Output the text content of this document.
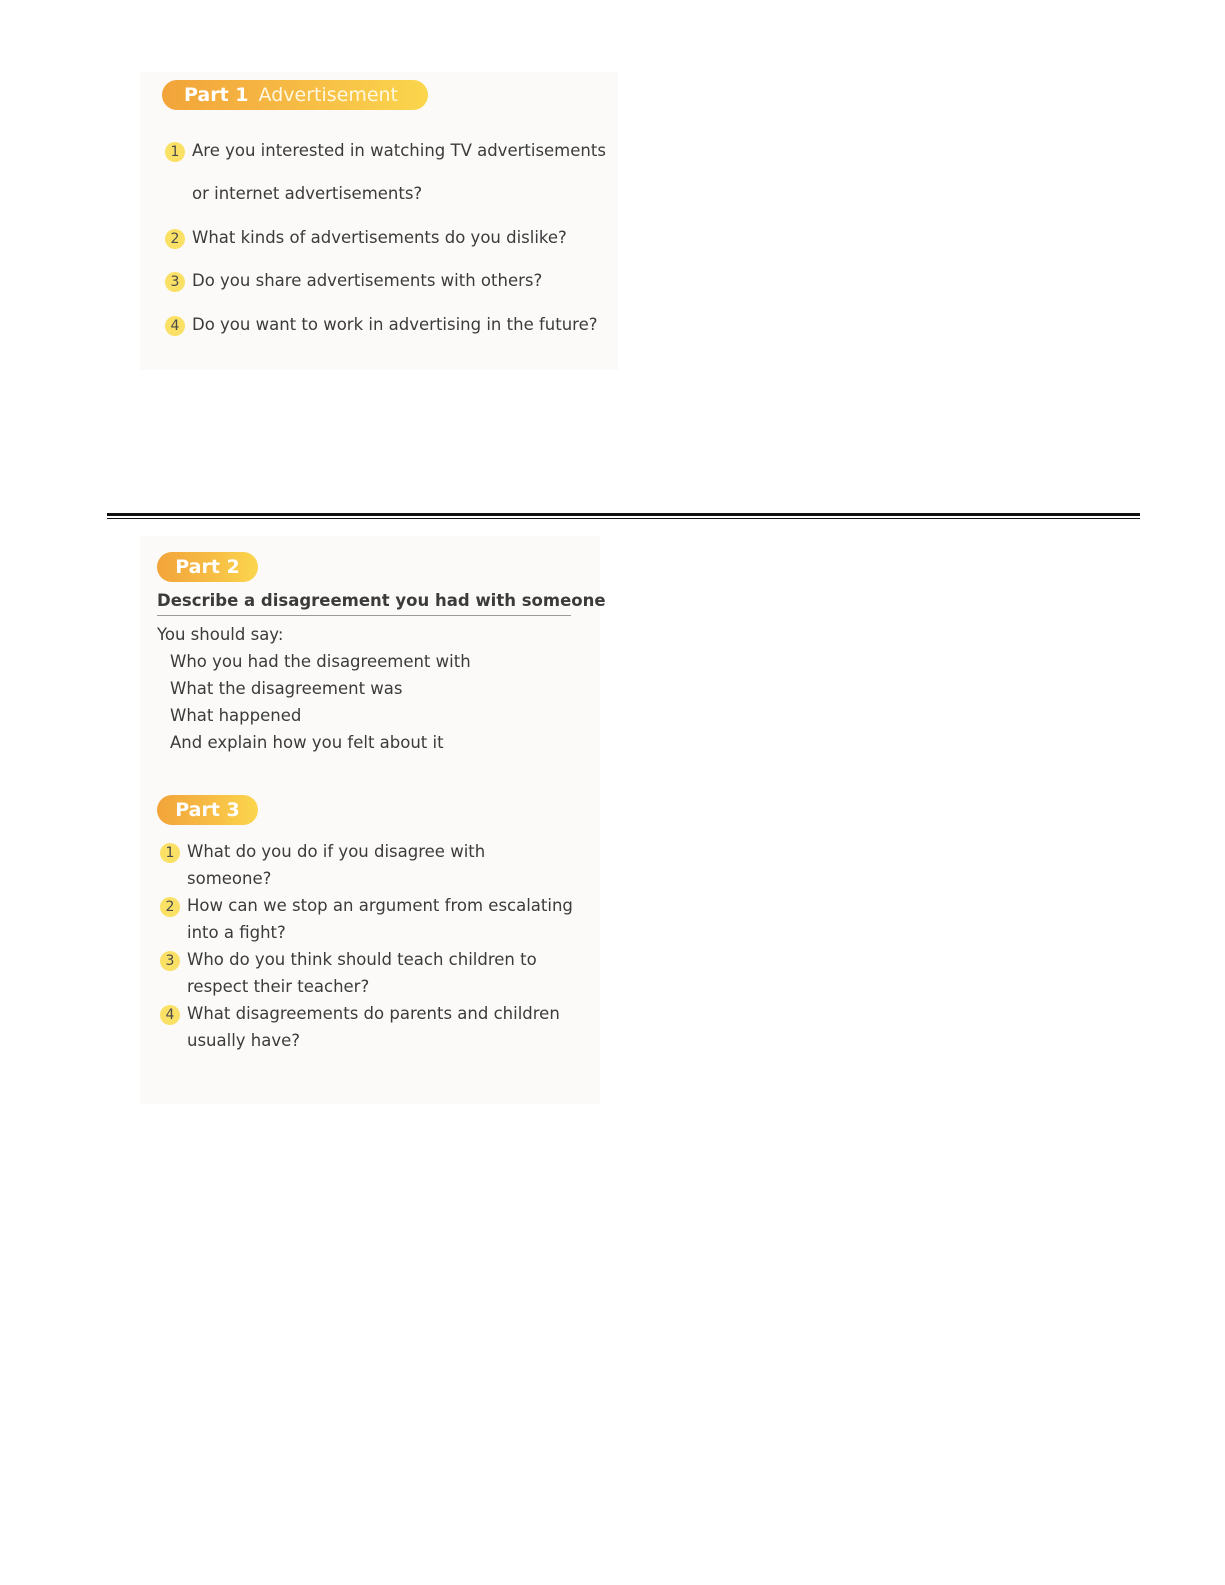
Part 1 Advertisement
1 Are you interested in watching TV advertisements
or internet advertisements?
2 What kinds of advertisements do you dislike?
3 Do you share advertisements with others?
4 Do you want to work in advertising in the future?
Part 2
Describe a disagreement you had with someone
You should say:
Who you had the disagreement with
What the disagreement was
What happened
And explain how you felt about it
Part 3
1 What do you do if you disagree with
someone?
2 How can we stop an argument from escalating
into a fight?
3 Who do you think should teach children to
respect their teacher?
4 What disagreements do parents and children
usually have?
